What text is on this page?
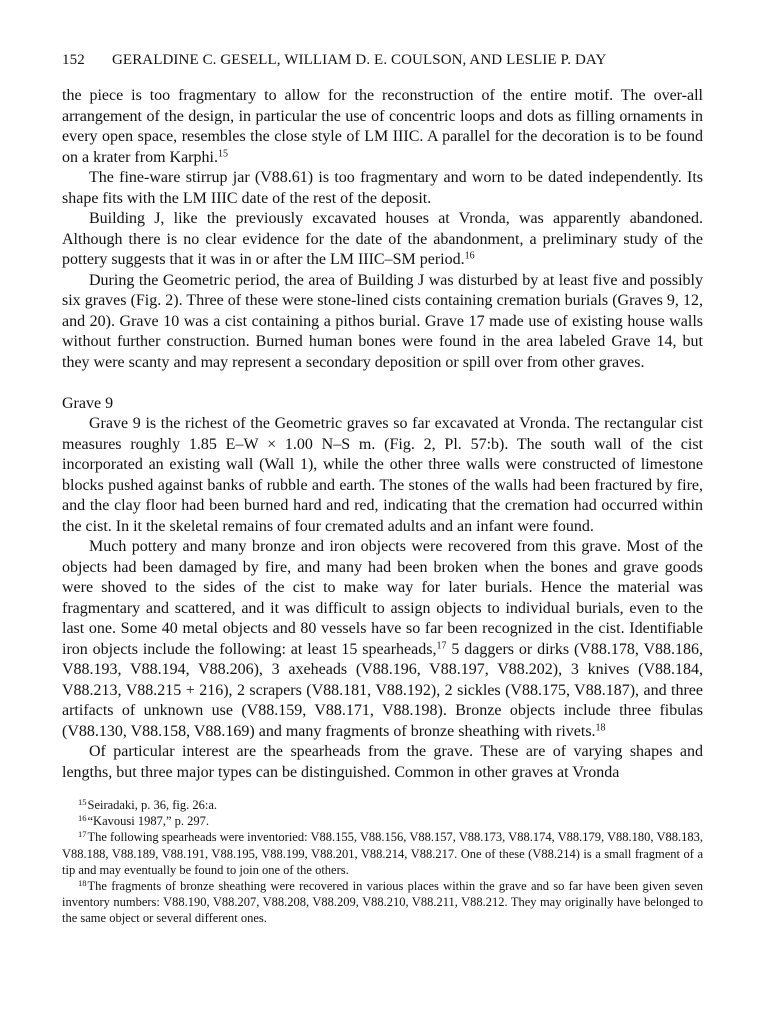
152 GERALDINE C. GESELL, WILLIAM D. E. COULSON, AND LESLIE P. DAY

the piece is too fragmentary to allow for the reconstruction of the entire motif. The over-all arrangement of the design, in particular the use of concentric loops and dots as filling ornaments in every open space, resembles the close style of LM IIIC. A parallel for the decoration is to be found on a krater from Karphi.$^{15}$

The fine-ware stirrup jar (V88.61) is too fragmentary and worn to be dated independently. Its shape fits with the LM IIIC date of the rest of the deposit.

Building J, like the previously excavated houses at Vronda, was apparently abandoned. Although there is no clear evidence for the date of the abandonment, a preliminary study of the pottery suggests that it was in or after the LM IIIC–SM period.$^{16}$

During the Geometric period, the area of Building J was disturbed by at least five and possibly six graves (Fig. 2). Three of these were stone-lined cists containing cremation burials (Graves 9, 12, and 20). Grave 10 was a cist containing a pithos burial. Grave 17 made use of existing house walls without further construction. Burned human bones were found in the area labeled Grave 14, but they were scanty and may represent a secondary deposition or spill over from other graves.

Grave 9

Grave 9 is the richest of the Geometric graves so far excavated at Vronda. The rectangular cist measures roughly 1.85 E–W × 1.00 N–S m. (Fig. 2, Pl. 57:b). The south wall of the cist incorporated an existing wall (Wall 1), while the other three walls were constructed of limestone blocks pushed against banks of rubble and earth. The stones of the walls had been fractured by fire, and the clay floor had been burned hard and red, indicating that the cremation had occurred within the cist. In it the skeletal remains of four cremated adults and an infant were found.

Much pottery and many bronze and iron objects were recovered from this grave. Most of the objects had been damaged by fire, and many had been broken when the bones and grave goods were shoved to the sides of the cist to make way for later burials. Hence the material was fragmentary and scattered, and it was difficult to assign objects to individual burials, even to the last one. Some 40 metal objects and 80 vessels have so far been recognized in the cist. Identifiable iron objects include the following: at least 15 spearheads,$^{17}$ 5 daggers or dirks (V88.178, V88.186, V88.193, V88.194, V88.206), 3 axeheads (V88.196, V88.197, V88.202), 3 knives (V88.184, V88.213, V88.215 + 216), 2 scrapers (V88.181, V88.192), 2 sickles (V88.175, V88.187), and three artifacts of unknown use (V88.159, V88.171, V88.198). Bronze objects include three fibulas (V88.130, V88.158, V88.169) and many fragments of bronze sheathing with rivets.$^{18}$

Of particular interest are the spearheads from the grave. These are of varying shapes and lengths, but three major types can be distinguished. Common in other graves at Vronda

$^{15}$Seiradaki, p. 36, fig. 26:a.

$^{16}$“Kavousi 1987,” p. 297.

$^{17}$The following spearheads were inventoried: V88.155, V88.156, V88.157, V88.173, V88.174, V88.179, V88.180, V88.183, V88.188, V88.189, V88.191, V88.195, V88.199, V88.201, V88.214, V88.217. One of these (V88.214) is a small fragment of a tip and may eventually be found to join one of the others.

$^{18}$The fragments of bronze sheathing were recovered in various places within the grave and so far have been given seven inventory numbers: V88.190, V88.207, V88.208, V88.209, V88.210, V88.211, V88.212. They may originally have belonged to the same object or several different ones.
